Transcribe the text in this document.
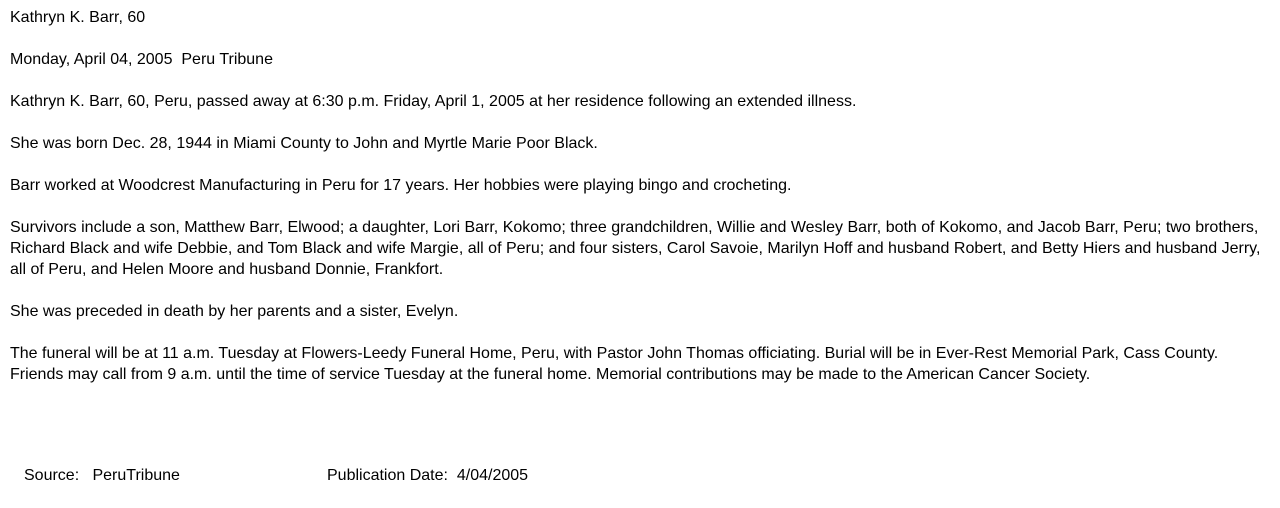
Kathryn K. Barr, 60
Monday, April 04, 2005  Peru Tribune
Kathryn K. Barr, 60, Peru, passed away at 6:30 p.m. Friday, April 1, 2005 at her residence following an extended illness.
She was born Dec. 28, 1944 in Miami County to John and Myrtle Marie Poor Black.
Barr worked at Woodcrest Manufacturing in Peru for 17 years. Her hobbies were playing bingo and crocheting.
Survivors include a son, Matthew Barr, Elwood; a daughter, Lori Barr, Kokomo; three grandchildren, Willie and Wesley Barr, both of Kokomo, and Jacob Barr, Peru; two brothers, Richard Black and wife Debbie, and Tom Black and wife Margie, all of Peru; and four sisters, Carol Savoie, Marilyn Hoff and husband Robert, and Betty Hiers and husband Jerry, all of Peru, and Helen Moore and husband Donnie, Frankfort.
She was preceded in death by her parents and a sister, Evelyn.
The funeral will be at 11 a.m. Tuesday at Flowers-Leedy Funeral Home, Peru, with Pastor John Thomas officiating. Burial will be in Ever-Rest Memorial Park, Cass County. Friends may call from 9 a.m. until the time of service Tuesday at the funeral home. Memorial contributions may be made to the American Cancer Society.
Source: PeruTribune	Publication Date: 4/04/2005
